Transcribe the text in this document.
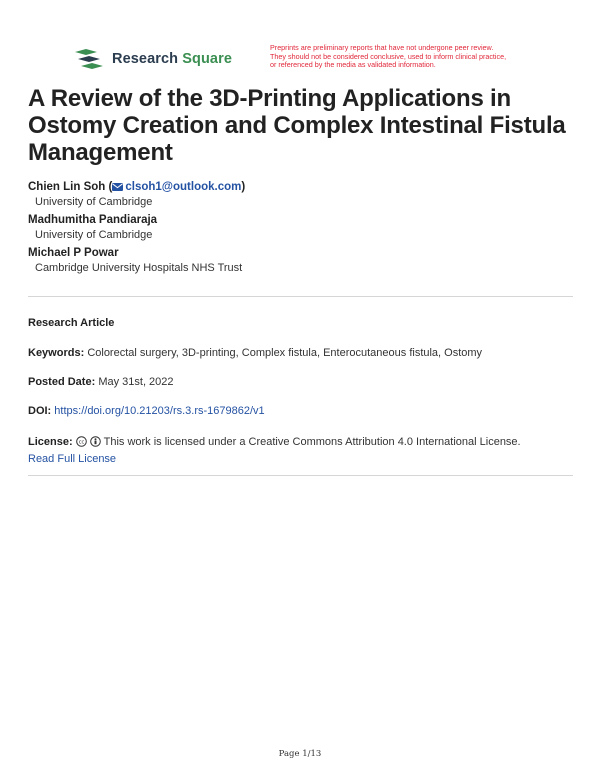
Research Square
Preprints are preliminary reports that have not undergone peer review.
They should not be considered conclusive, used to inform clinical practice,
or referenced by the media as validated information.
A Review of the 3D-Printing Applications in Ostomy Creation and Complex Intestinal Fistula Management
Chien Lin Soh ( clsoh1@outlook.com)
University of Cambridge
Madhumitha Pandiaraja
University of Cambridge
Michael P Powar
Cambridge University Hospitals NHS Trust
Research Article
Keywords: Colorectal surgery, 3D-printing, Complex fistula, Enterocutaneous fistula, Ostomy
Posted Date: May 31st, 2022
DOI: https://doi.org/10.21203/rs.3.rs-1679862/v1
License: cc This work is licensed under a Creative Commons Attribution 4.0 International License.
Read Full License
Page 1/13
